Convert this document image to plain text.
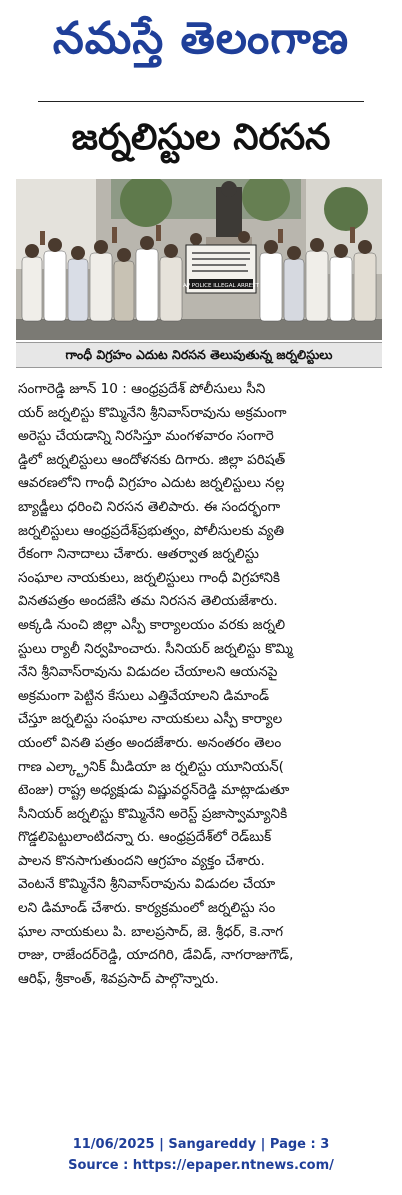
నమస్తే తెలంగాణ
జర్నలిస్టుల నిరసన
AP POLICE ILLEGAL ARREST
గాంధీ విగ్రహం ఎదుట నిరసన తెలుపుతున్న జర్నలిస్టులు
సంగారెడ్డి జూన్ 10 : ఆంధ్రప్రదేశ్ పోలీసులు సీని
యర్ జర్నలిస్టు కొమ్మినేని శ్రీనివాస్‌రావును అక్రమంగా
అరెస్టు చేయడాన్ని నిరసిస్తూ మంగళవారం సంగారె
డ్డిలో జర్నలిస్టులు ఆందోళనకు దిగారు. జిల్లా పరిషత్
ఆవరణలోని గాంధీ విగ్రహం ఎదుట జర్నలిస్టులు నల్ల
బ్యాడ్జీలు ధరించి నిరసన తెలిపారు. ఈ సందర్భంగా
జర్నలిస్టులు ఆంధ్రప్రదేశ్‌ప్రభుత్వం, పోలీసులకు వ్యతి
రేకంగా నినాదాలు చేశారు. ఆతర్వాత జర్నలిస్టు
సంఘాల నాయకులు, జర్నలిస్టులు గాంధీ విగ్రహానికి
వినతపత్రం అందజేసి తమ నిరసన తెలియజేశారు.
అక్కడి నుంచి జిల్లా ఎస్పీ కార్యాలయం వరకు జర్నలి
స్టులు ర్యాలీ నిర్వహించారు. సీనియర్ జర్నలిస్టు కొమ్మి
నేని శ్రీనివాస్‌రావును విడుదల చేయాలని ఆయనపై
అక్రమంగా పెట్టిన కేసులు ఎత్తివేయాలని డిమాండ్
చేస్తూ జర్నలిస్టు సంఘాల నాయకులు ఎస్పీ కార్యాల
యంలో వినతి పత్రం అందజేశారు. అనంతరం తెలం
గాణ ఎల్క్ట్రానిక్ మీడియా జ ర్నలిస్టు యూనియన్(
టెంజు) రాష్ట్ర అధ్యక్షుడు విష్ణువర్ధన్‌రెడ్డి మాట్లాడుతూ
సీనియర్ జర్నలిస్టు కొమ్మినేని అరెస్ట్ ప్రజాస్వామ్యానికి
గొడ్డలిపెట్టులాంటిదన్నా రు. ఆంధ్రప్రదేశ్‌లో రెడ్‌బుక్
పాలన కొనసాగుతుందని ఆగ్రహం వ్యక్తం చేశారు.
వెంటనే కొమ్మినేని శ్రీనివాస్‌రావును విడుదల చేయా
లని డిమాండ్ చేశారు. కార్యక్రమంలో జర్నలిస్టు సం
ఘాల నాయకులు పి. బాలప్రసాద్, జె. శ్రీధర్, కె.నాగ
రాజు, రాజేందర్‌రెడ్డి, యాదగిరి, డేవిడ్, నాగరాజుగౌడ్,
ఆరిఫ్, శ్రీకాంత్, శివప్రసాద్ పాల్గొన్నారు.
11/06/2025 | Sangareddy | Page : 3
Source : https://epaper.ntnews.com/
